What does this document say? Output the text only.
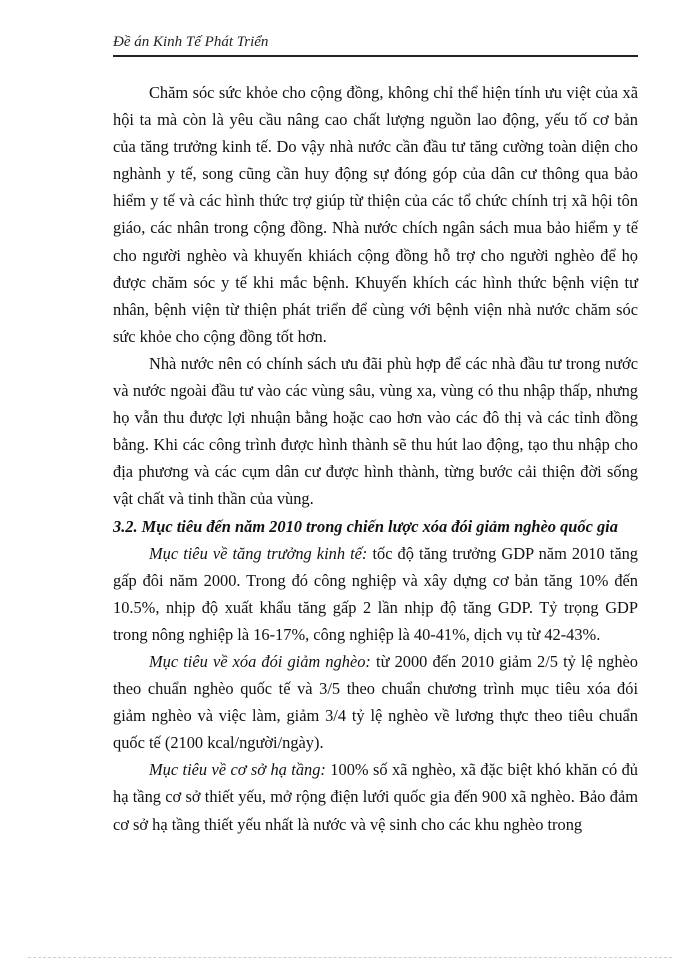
Đề án Kinh Tế Phát Triển

Chăm sóc sức khỏe cho cộng đồng, không chỉ thể hiện tính ưu việt của xã hội ta mà còn là yêu cầu nâng cao chất lượng nguồn lao động, yếu tố cơ bản của tăng trưởng kinh tế. Do vậy nhà nước cần đầu tư tăng cường toàn diện cho nghành y tế, song cũng cần huy động sự đóng góp của dân cư thông qua bảo hiểm y tế và các hình thức trợ giúp từ thiện của các tổ chức chính trị xã hội tôn giáo, các nhân trong cộng đồng. Nhà nước chích ngân sách mua bảo hiểm y tế cho người nghèo và khuyến khiách cộng đồng hỗ trợ cho người nghèo để họ được chăm sóc y tế khi mắc bệnh. Khuyến khích các hình thức bệnh viện tư nhân, bệnh viện từ thiện phát triển để cùng với bệnh viện nhà nước chăm sóc sức khỏe cho cộng đồng tốt hơn.

Nhà nước nên có chính sách ưu đãi phù hợp để các nhà đầu tư trong nước và nước ngoài đầu tư vào các vùng sâu, vùng xa, vùng có thu nhập thấp, nhưng họ vẫn thu được lợi nhuận bằng hoặc cao hơn vào các đô thị và các tỉnh đồng bằng. Khi các công trình được hình thành sẽ thu hút lao động, tạo thu nhập cho địa phương và các cụm dân cư được hình thành, từng bước cải thiện đời sống vật chất và tinh thần của vùng.

3.2. Mục tiêu đến năm 2010 trong chiến lược xóa đói giảm nghèo quốc gia

Mục tiêu về tăng trưởng kinh tế: tốc độ tăng trưởng GDP năm 2010 tăng gấp đôi năm 2000. Trong đó công nghiệp và xây dựng cơ bản tăng 10% đến 10.5%, nhịp độ xuất khẩu tăng gấp 2 lần nhịp độ tăng GDP. Tỷ trọng GDP trong nông nghiệp là 16-17%, công nghiệp là 40-41%, dịch vụ từ 42-43%.

Mục tiêu về xóa đói giảm nghèo: từ 2000 đến 2010 giảm 2/5 tỷ lệ nghèo theo chuẩn nghèo quốc tế và 3/5 theo chuẩn chương trình mục tiêu xóa đói giảm nghèo và việc làm, giảm 3/4 tỷ lệ nghèo về lương thực theo tiêu chuẩn quốc tế (2100 kcal/người/ngày).

Mục tiêu về cơ sở hạ tầng: 100% số xã nghèo, xã đặc biệt khó khăn có đủ hạ tầng cơ sở thiết yếu, mở rộng điện lưới quốc gia đến 900 xã nghèo. Bảo đảm cơ sở hạ tầng thiết yếu nhất là nước và vệ sinh cho các khu nghèo trong
